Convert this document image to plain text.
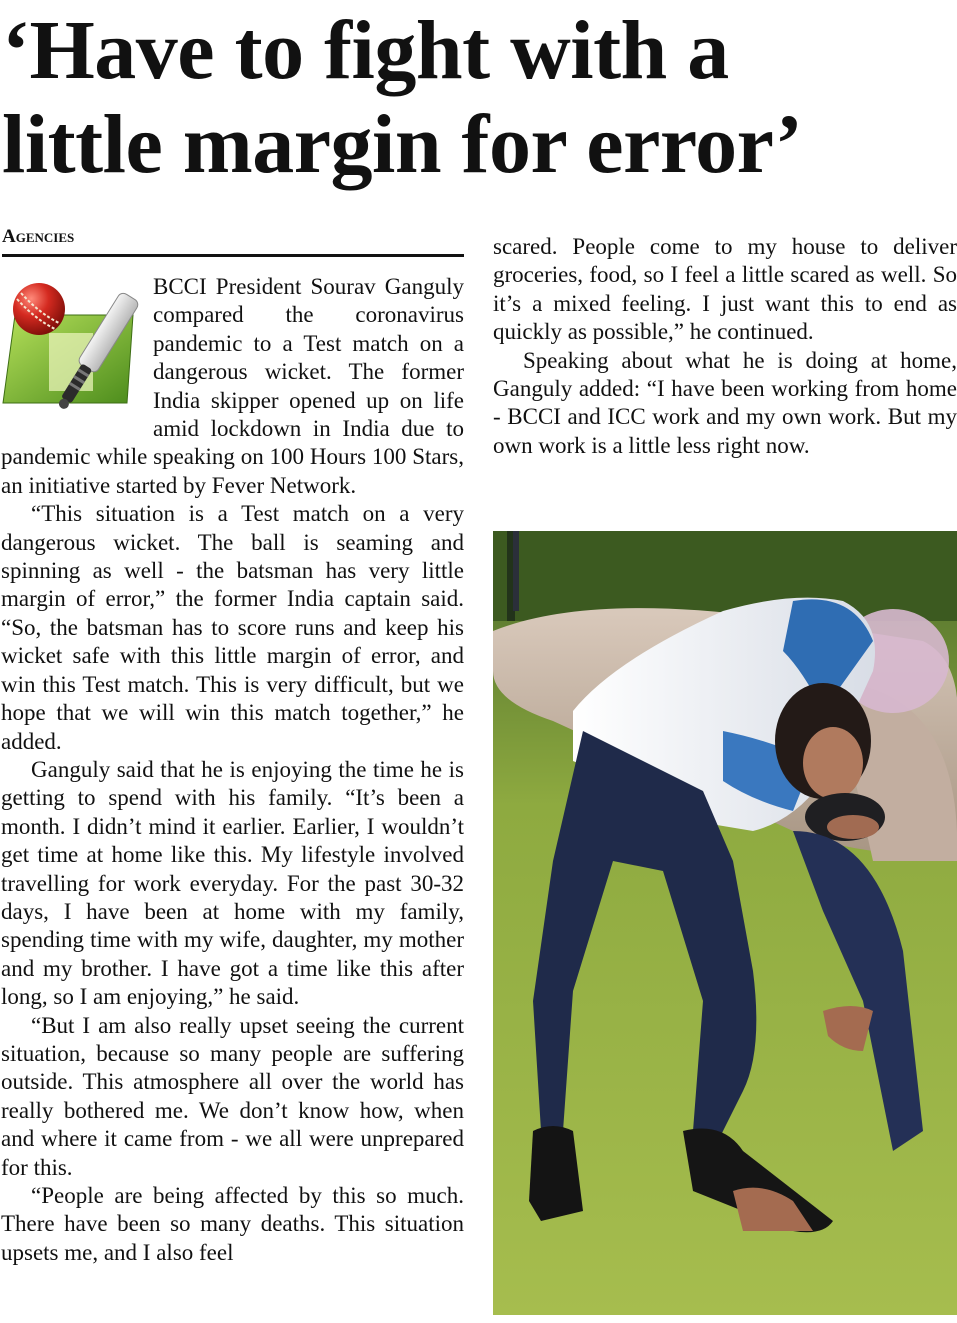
‘Have to fight with a
little margin for error’
Agencies

BCCI President Sourav Ganguly compared the coronavirus pandemic to a Test match on a dangerous wicket. The former India skipper opened up on life amid lockdown in India due to pandemic while speaking on 100 Hours 100 Stars, an initiative started by Fever Network.

“This situation is a Test match on a very dangerous wicket. The ball is seaming and spinning as well - the batsman has very little margin of error,” the former India captain said. “So, the batsman has to score runs and keep his wicket safe with this little margin of error, and win this Test match. This is very difficult, but we hope that we will win this match together,” he added.

Ganguly said that he is enjoying the time he is getting to spend with his family. “It’s been a month. I didn’t mind it earlier. Earlier, I wouldn’t get time at home like this. My lifestyle involved travelling for work everyday. For the past 30-32 days, I have been at home with my family, spending time with my wife, daughter, my mother and my brother. I have got a time like this after long, so I am enjoying,” he said.

“But I am also really upset seeing the current situation, because so many people are suffering outside. This atmosphere all over the world has really bothered me. We don’t know how, when and where it came from - we all were unprepared for this.

“People are being affected by this so much. There have been so many deaths. This situation upsets me, and I also feel

scared. People come to my house to deliver groceries, food, so I feel a little scared as well. So it’s a mixed feeling. I just want this to end as quickly as possible,” he continued.

Speaking about what he is doing at home, Ganguly added: “I have been working from home - BCCI and ICC work and my own work. But my own work is a little less right now.
